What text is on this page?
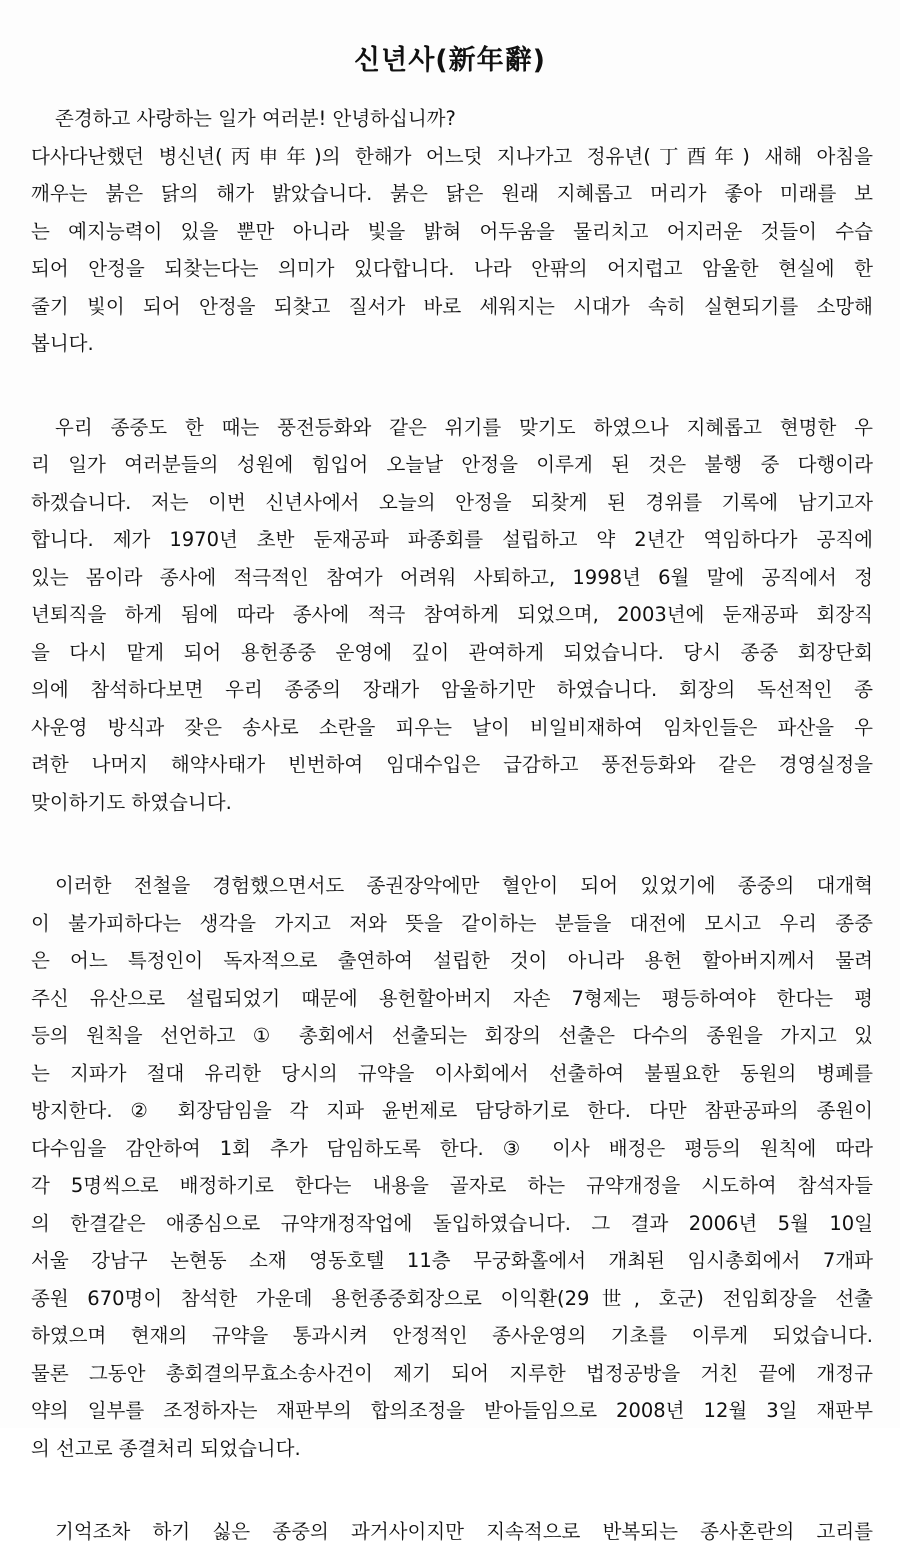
신년사(新年辭)
존경하고 사랑하는 일가 여러분! 안녕하십니까?
다사다난했던 병신년(丙申年)의 한해가 어느덧 지나가고 정유년(丁酉年) 새해 아침을
깨우는 붉은 닭의 해가 밝았습니다. 붉은 닭은 원래 지혜롭고 머리가 좋아 미래를 보
는 예지능력이 있을 뿐만 아니라 빛을 밝혀 어두움을 물리치고 어지러운 것들이 수습
되어 안정을 되찾는다는 의미가 있다합니다. 나라 안팎의 어지럽고 암울한 현실에 한
줄기 빛이 되어 안정을 되찾고 질서가 바로 세워지는 시대가 속히 실현되기를 소망해
봅니다.
우리 종중도 한 때는 풍전등화와 같은 위기를 맞기도 하였으나 지혜롭고 현명한 우
리 일가 여러분들의 성원에 힘입어 오늘날 안정을 이루게 된 것은 불행 중 다행이라
하겠습니다. 저는 이번 신년사에서 오늘의 안정을 되찾게 된 경위를 기록에 남기고자
합니다. 제가 1970년 초반 둔재공파 파종회를 설립하고 약 2년간 역임하다가 공직에
있는 몸이라 종사에 적극적인 참여가 어려워 사퇴하고, 1998년 6월 말에 공직에서 정
년퇴직을 하게 됨에 따라 종사에 적극 참여하게 되었으며, 2003년에 둔재공파 회장직
을 다시 맡게 되어 용헌종중 운영에 깊이 관여하게 되었습니다. 당시 종중 회장단회
의에 참석하다보면 우리 종중의 장래가 암울하기만 하였습니다. 회장의 독선적인 종
사운영 방식과 잦은 송사로 소란을 피우는 날이 비일비재하여 임차인들은 파산을 우
려한 나머지 해약사태가 빈번하여 임대수입은 급감하고 풍전등화와 같은 경영실정을
맞이하기도 하였습니다.
이러한 전철을 경험했으면서도 종권장악에만 혈안이 되어 있었기에 종중의 대개혁
이 불가피하다는 생각을 가지고 저와 뜻을 같이하는 분들을 대전에 모시고 우리 종중
은 어느 특정인이 독자적으로 출연하여 설립한 것이 아니라 용헌 할아버지께서 물려
주신 유산으로 설립되었기 때문에 용헌할아버지 자손 7형제는 평등하여야 한다는 평
등의 원칙을 선언하고 ① 총회에서 선출되는 회장의 선출은 다수의 종원을 가지고 있
는 지파가 절대 유리한 당시의 규약을 이사회에서 선출하여 불필요한 동원의 병폐를
방지한다. ② 회장담임을 각 지파 윤번제로 담당하기로 한다. 다만 참판공파의 종원이
다수임을 감안하여 1회 추가 담임하도록 한다. ③ 이사 배정은 평등의 원칙에 따라
각 5명씩으로 배정하기로 한다는 내용을 골자로 하는 규약개정을 시도하여 참석자들
의 한결같은 애종심으로 규약개정작업에 돌입하였습니다. 그 결과 2006년 5월 10일
서울 강남구 논현동 소재 영동호텔 11층 무궁화홀에서 개최된 임시총회에서 7개파
종원 670명이 참석한 가운데 용헌종중회장으로 이익환(29世, 호군) 전임회장을 선출
하였으며 현재의 규약을 통과시켜 안정적인 종사운영의 기초를 이루게 되었습니다.
물론 그동안 총회결의무효소송사건이 제기 되어 지루한 법정공방을 거친 끝에 개정규
약의 일부를 조정하자는 재판부의 합의조정을 받아들임으로 2008년 12월 3일 재판부
의 선고로 종결처리 되었습니다.
기억조차 하기 싫은 종중의 과거사이지만 지속적으로 반복되는 종사혼란의 고리를
